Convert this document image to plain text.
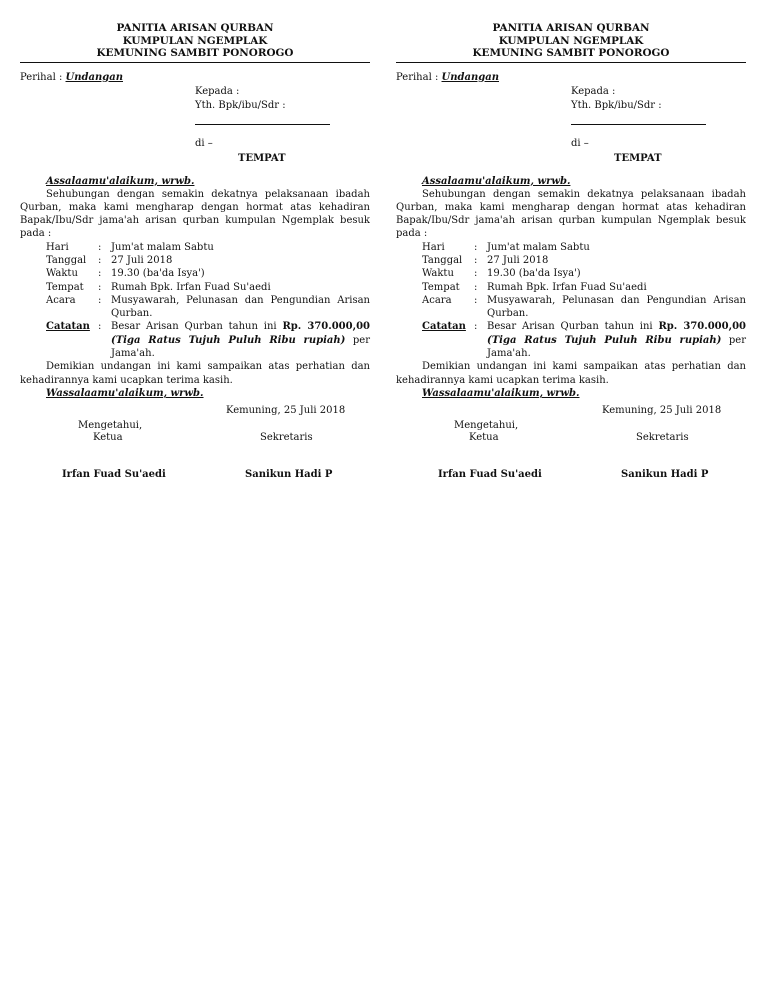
PANITIA ARISAN QURBAN
KUMPULAN NGEMPLAK
KEMUNING SAMBIT PONOROGO
Perihal : Undangan
Kepada :
Yth. Bpk/ibu/Sdr :
di –
TEMPAT
Assalaamu'alaikum, wrwb.
Sehubungan dengan semakin dekatnya pelaksanaan ibadah Qurban, maka kami mengharap dengan hormat atas kehadiran Bapak/Ibu/Sdr jama'ah arisan qurban kumpulan Ngemplak besuk pada :
Hari	:	Jum'at malam Sabtu
Tanggal	:	27 Juli 2018
Waktu	:	19.30 (ba'da Isya')
Tempat	:	Rumah Bpk. Irfan Fuad Su'aedi
Acara	:	Musyawarah, Pelunasan dan Pengundian Arisan Qurban.
Catatan	:	Besar Arisan Qurban tahun ini Rp. 370.000,00 (Tiga Ratus Tujuh Puluh Ribu rupiah) per Jama'ah.
Demikian undangan ini kami sampaikan atas perhatian dan kehadirannya kami ucapkan terima kasih.
Wassalaamu'alaikum, wrwb.
Kemuning, 25 Juli 2018
Mengetahui,
Ketua	Sekretaris
Irfan Fuad Su'aedi	Sanikun Hadi P
PANITIA ARISAN QURBAN
KUMPULAN NGEMPLAK
KEMUNING SAMBIT PONOROGO
Perihal : Undangan
Kepada :
Yth. Bpk/ibu/Sdr :
di –
TEMPAT
Assalaamu'alaikum, wrwb.
Sehubungan dengan semakin dekatnya pelaksanaan ibadah Qurban, maka kami mengharap dengan hormat atas kehadiran Bapak/Ibu/Sdr jama'ah arisan qurban kumpulan Ngemplak besuk pada :
Hari	:	Jum'at malam Sabtu
Tanggal	:	27 Juli 2018
Waktu	:	19.30 (ba'da Isya')
Tempat	:	Rumah Bpk. Irfan Fuad Su'aedi
Acara	:	Musyawarah, Pelunasan dan Pengundian Arisan Qurban.
Catatan	:	Besar Arisan Qurban tahun ini Rp. 370.000,00 (Tiga Ratus Tujuh Puluh Ribu rupiah) per Jama'ah.
Demikian undangan ini kami sampaikan atas perhatian dan kehadirannya kami ucapkan terima kasih.
Wassalaamu'alaikum, wrwb.
Kemuning, 25 Juli 2018
Mengetahui,
Ketua	Sekretaris
Irfan Fuad Su'aedi	Sanikun Hadi P
